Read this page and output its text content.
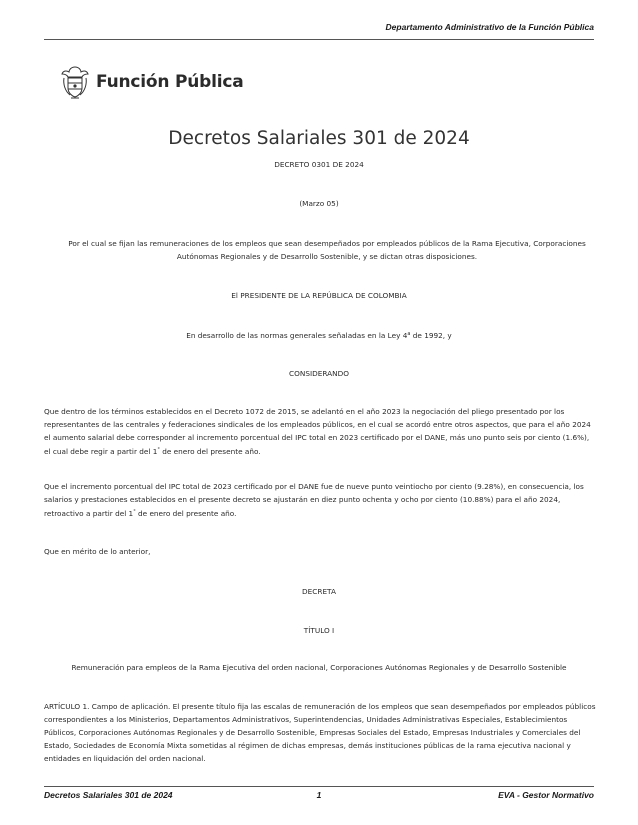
Departamento Administrativo de la Función Pública
Función Pública
Decretos Salariales 301 de 2024
DECRETO 0301 DE 2024
(Marzo 05)
Por el cual se fijan las remuneraciones de los empleos que sean desempeñados por empleados públicos de la Rama Ejecutiva, Corporaciones Autónomas Regionales y de Desarrollo Sostenible, y se dictan otras disposiciones.
El PRESIDENTE DE LA REPÚBLICA DE COLOMBIA
En desarrollo de las normas generales señaladas en la Ley 4$^a$ de 1992, y
CONSIDERANDO
Que dentro de los términos establecidos en el Decreto 1072 de 2015, se adelantó en el año 2023 la negociación del pliego presentado por los representantes de las centrales y federaciones sindicales de los empleados públicos, en el cual se acordó entre otros aspectos, que para el año 2024 el aumento salarial debe corresponder al incremento porcentual del IPC total en 2023 certificado por el DANE, más uno punto seis por ciento (1.6%), el cual debe regir a partir del 1° de enero del presente año.
Que el incremento porcentual del IPC total de 2023 certificado por el DANE fue de nueve punto veintiocho por ciento (9.28%), en consecuencia, los salarios y prestaciones establecidos en el presente decreto se ajustarán en diez punto ochenta y ocho por ciento (10.88%) para el año 2024, retroactivo a partir del 1° de enero del presente año.
Que en mérito de lo anterior,
DECRETA
TÍTULO I
Remuneración para empleos de la Rama Ejecutiva del orden nacional, Corporaciones Autónomas Regionales y de Desarrollo Sostenible
ARTÍCULO 1. Campo de aplicación. El presente título fija las escalas de remuneración de los empleos que sean desempeñados por empleados públicos correspondientes a los Ministerios, Departamentos Administrativos, Superintendencias, Unidades Administrativas Especiales, Establecimientos Públicos, Corporaciones Autónomas Regionales y de Desarrollo Sostenible, Empresas Sociales del Estado, Empresas Industriales y Comerciales del Estado, Sociedades de Economía Mixta sometidas al régimen de dichas empresas, demás instituciones públicas de la rama ejecutiva nacional y entidades en liquidación del orden nacional.
Decretos Salariales 301 de 2024	1	EVA - Gestor Normativo
